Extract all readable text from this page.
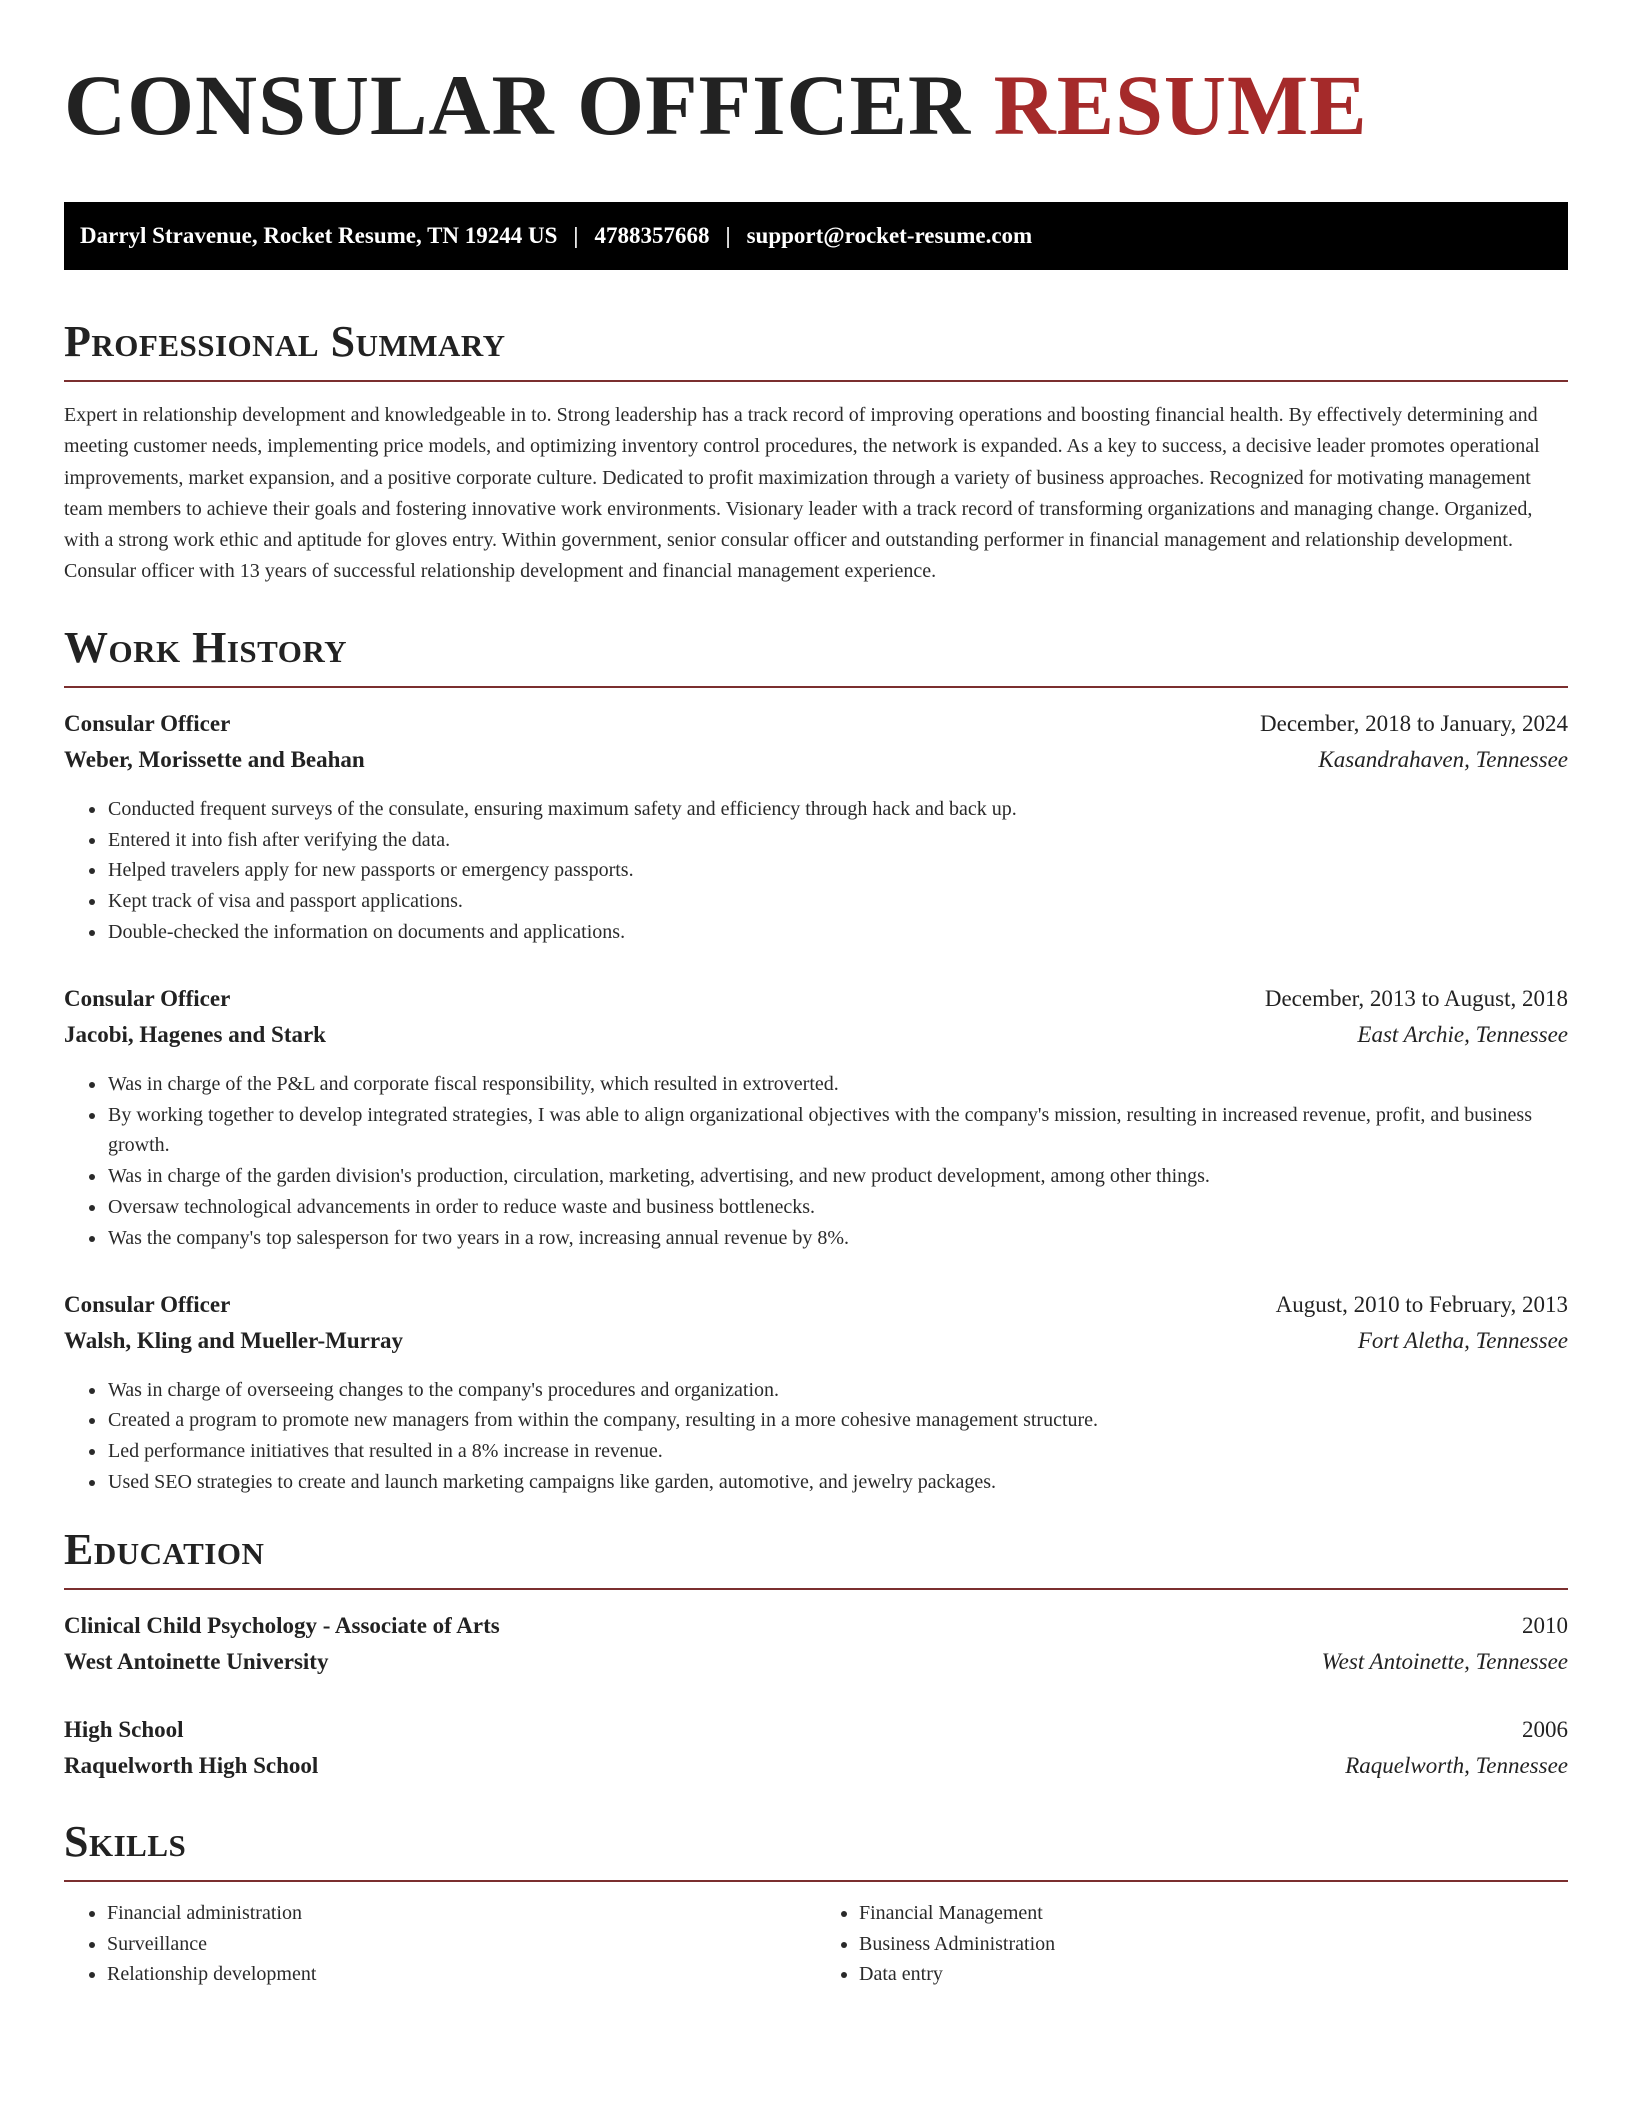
CONSULAR OFFICER RESUME
Darryl Stravenue, Rocket Resume, TN 19244 US | 4788357668 | support@rocket-resume.com
Professional Summary
Expert in relationship development and knowledgeable in to. Strong leadership has a track record of improving operations and boosting financial health. By effectively determining and meeting customer needs, implementing price models, and optimizing inventory control procedures, the network is expanded. As a key to success, a decisive leader promotes operational improvements, market expansion, and a positive corporate culture. Dedicated to profit maximization through a variety of business approaches. Recognized for motivating management team members to achieve their goals and fostering innovative work environments. Visionary leader with a track record of transforming organizations and managing change. Organized, with a strong work ethic and aptitude for gloves entry. Within government, senior consular officer and outstanding performer in financial management and relationship development. Consular officer with 13 years of successful relationship development and financial management experience.
Work History
Consular Officer	December, 2018 to January, 2024
Weber, Morissette and Beahan	Kasandrahaven, Tennessee
• Conducted frequent surveys of the consulate, ensuring maximum safety and efficiency through hack and back up.
• Entered it into fish after verifying the data.
• Helped travelers apply for new passports or emergency passports.
• Kept track of visa and passport applications.
• Double-checked the information on documents and applications.
Consular Officer	December, 2013 to August, 2018
Jacobi, Hagenes and Stark	East Archie, Tennessee
• Was in charge of the P&L and corporate fiscal responsibility, which resulted in extroverted.
• By working together to develop integrated strategies, I was able to align organizational objectives with the company's mission, resulting in increased revenue, profit, and business growth.
• Was in charge of the garden division's production, circulation, marketing, advertising, and new product development, among other things.
• Oversaw technological advancements in order to reduce waste and business bottlenecks.
• Was the company's top salesperson for two years in a row, increasing annual revenue by 8%.
Consular Officer	August, 2010 to February, 2013
Walsh, Kling and Mueller-Murray	Fort Aletha, Tennessee
• Was in charge of overseeing changes to the company's procedures and organization.
• Created a program to promote new managers from within the company, resulting in a more cohesive management structure.
• Led performance initiatives that resulted in a 8% increase in revenue.
• Used SEO strategies to create and launch marketing campaigns like garden, automotive, and jewelry packages.
Education
Clinical Child Psychology - Associate of Arts	2010
West Antoinette University	West Antoinette, Tennessee
High School	2006
Raquelworth High School	Raquelworth, Tennessee
Skills
• Financial administration
• Surveillance
• Relationship development
• Financial Management
• Business Administration
• Data entry
